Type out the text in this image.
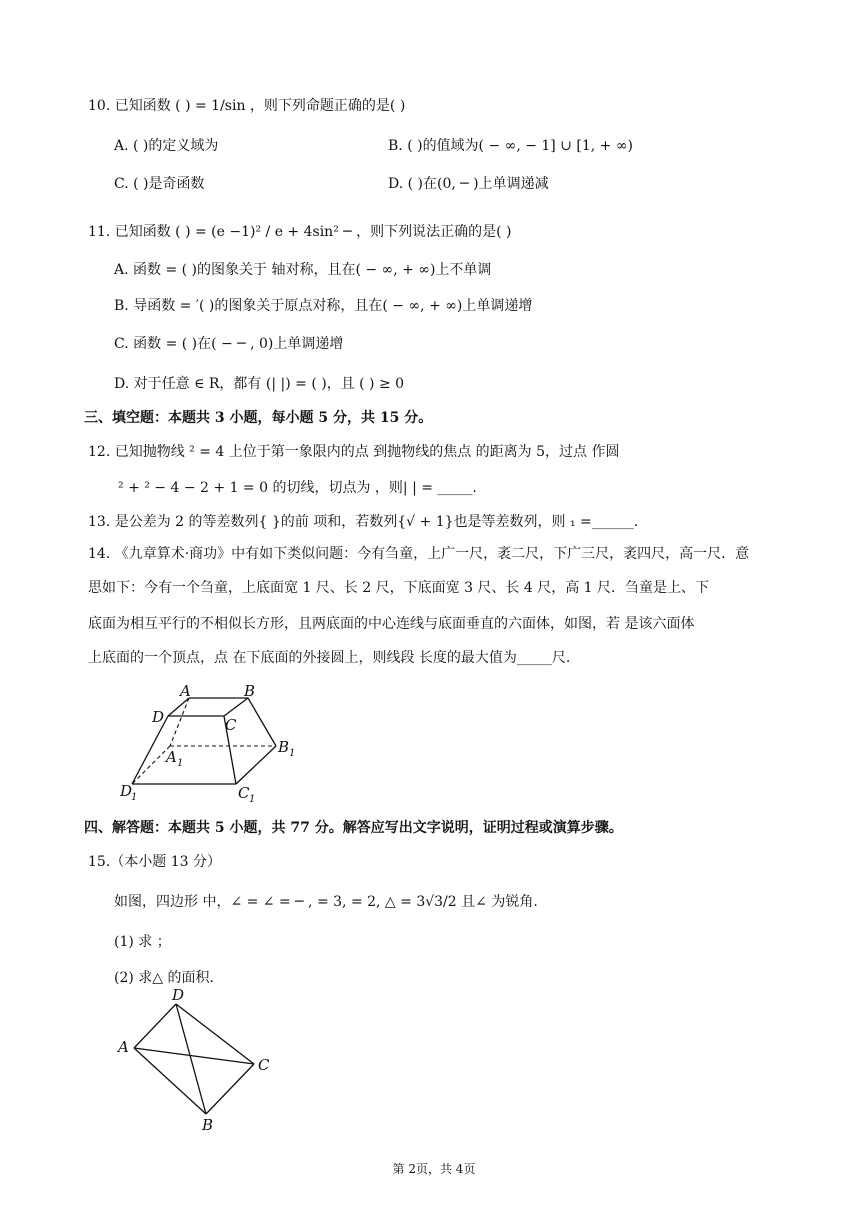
10. 已知函数 ( ) = 1/sin ，则下列命题正确的是( )
A. ( )的定义域为	B. ( )的值域为( − ∞, − 1] ∪ [1, + ∞)
C. ( )是奇函数	D. ( )在(0, ─ )上单调递减
11. 已知函数 ( ) = (e −1)² / e + 4sin² ─ ，则下列说法正确的是( )
A. 函数 = ( )的图象关于 轴对称，且在( − ∞, + ∞)上不单调
B. 导函数 = ′( )的图象关于原点对称，且在( − ∞, + ∞)上单调递增
C. 函数 = ( )在( − ─ , 0)上单调递增
D. 对于任意 ∈ R，都有 (| |) = ( )，且 ( ) ≥ 0
三、填空题：本题共 3 小题，每小题 5 分，共 15 分。
12. 已知抛物线 ² = 4 上位于第一象限内的点 到抛物线的焦点 的距离为 5，过点 作圆
² + ² − 4 − 2 + 1 = 0 的切线，切点为 ，则| | = _____.
13. 是公差为 2 的等差数列{ }的前 项和，若数列{√ + 1}也是等差数列，则 ₁ =______.
14. 《九章算术·商功》中有如下类似问题：今有刍童，上广一尺，袤二尺，下广三尺，袤四尺，高一尺．意
思如下：今有一个刍童，上底面宽 1 尺、长 2 尺，下底面宽 3 尺、长 4 尺，高 1 尺．刍童是上、下
底面为相互平行的不相似长方形，且两底面的中心连线与底面垂直的六面体，如图，若 是该六面体
上底面的一个顶点，点 在下底面的外接圆上，则线段 长度的最大值为_____尺.
A	B
C
D
A 1
B 1
C 1
D
1
四、解答题：本题共 5 小题，共 77 分。解答应写出文字说明，证明过程或演算步骤。
15.（本小题 13 分）
如图，四边形 中，∠ = ∠ = ─ , = 3, = 2, △ = 3√3/2 且∠ 为锐角.
(1) 求 ；
(2) 求△ 的面积.
D
A
C
B
第 2页，共 4页
